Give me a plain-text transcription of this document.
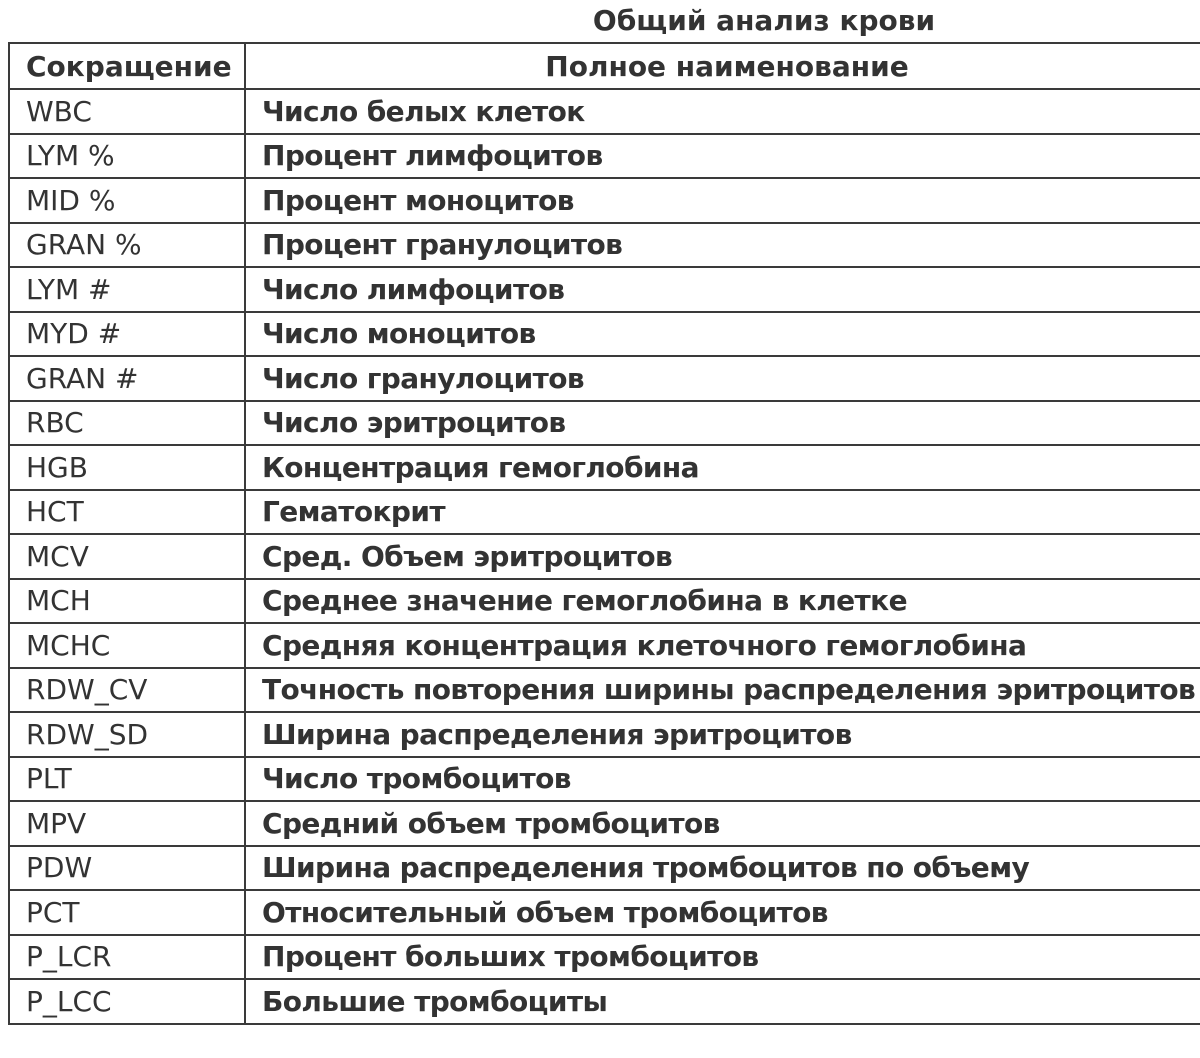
Общий анализ крови
Сокращение	Полное наименование
WBC	Число белых клеток
LYM %	Процент лимфоцитов
MID %	Процент моноцитов
GRAN %	Процент гранулоцитов
LYM #	Число лимфоцитов
MYD #	Число моноцитов
GRAN #	Число гранулоцитов
RBC	Число эритроцитов
HGB	Концентрация гемоглобина
HCT	Гематокрит
MCV	Сред. Объем эритроцитов
MCH	Среднее значение гемоглобина в клетке
MCHC	Средняя концентрация клеточного гемоглобина
RDW_CV	Точность повторения ширины распределения эритроцитов
RDW_SD	Ширина распределения эритроцитов
PLT	Число тромбоцитов
MPV	Средний объем тромбоцитов
PDW	Ширина распределения тромбоцитов по объему
PCT	Относительный объем тромбоцитов
P_LCR	Процент больших тромбоцитов
P_LCC	Большие тромбоциты
